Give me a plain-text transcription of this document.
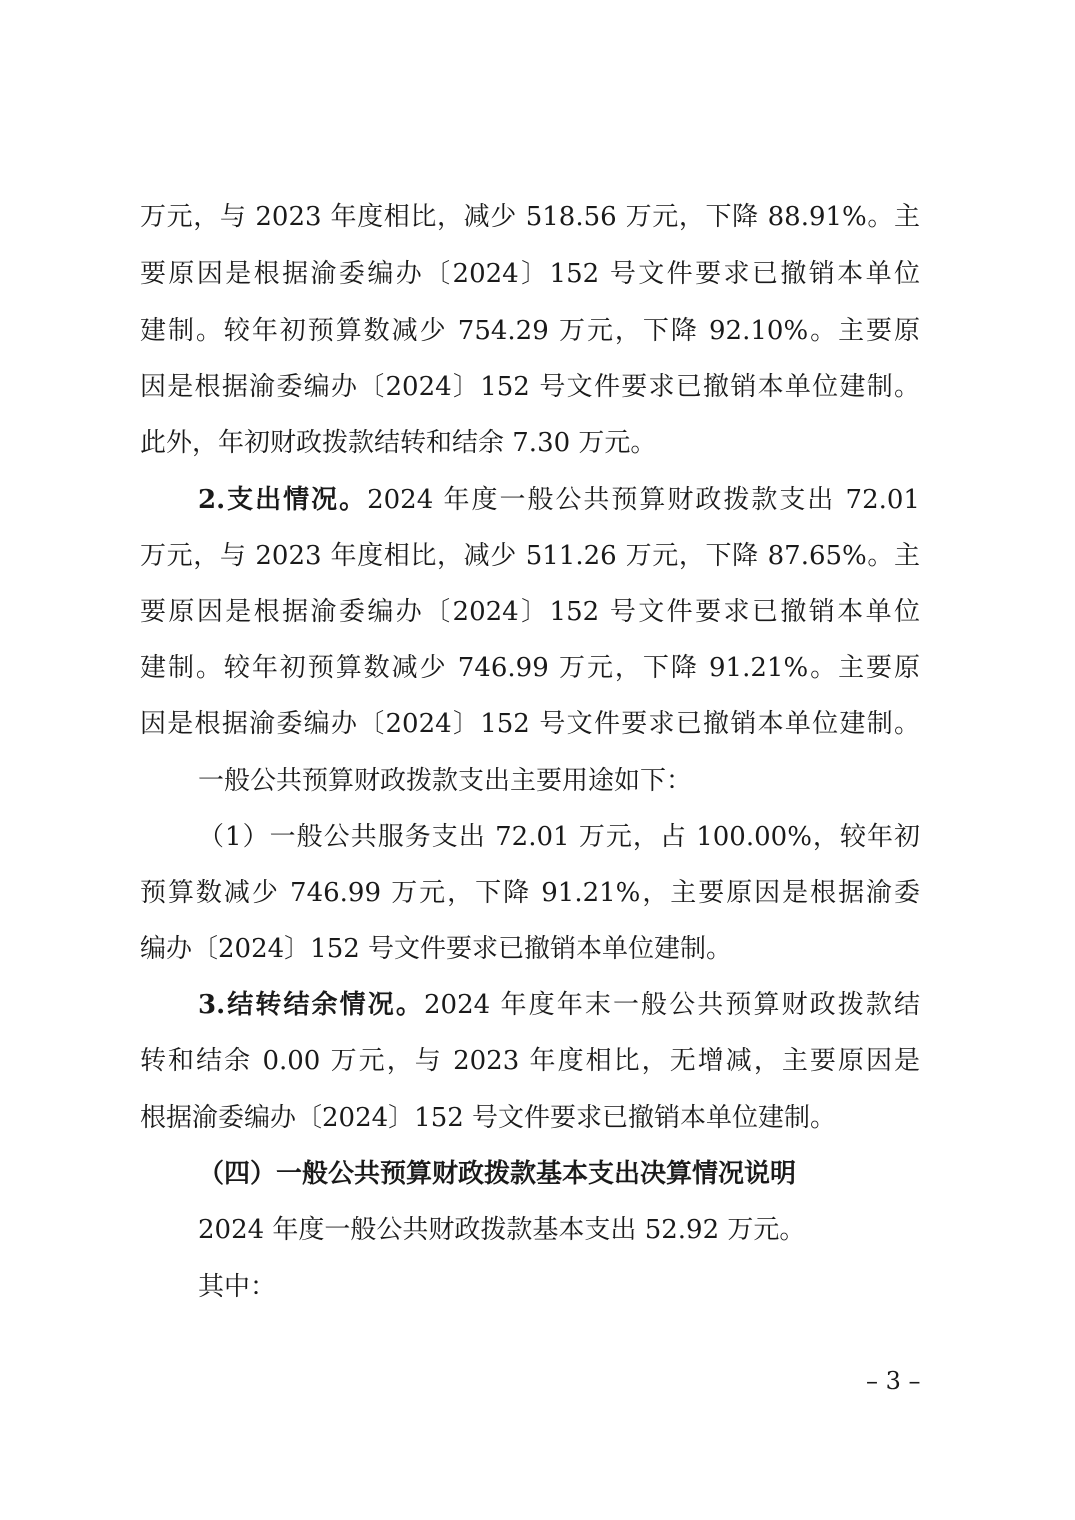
万元，与 2023 年度相比，减少 518.56 万元，下降 88.91%。主
要原因是根据渝委编办〔2024〕152 号文件要求已撤销本单位
建制。较年初预算数减少 754.29 万元，下降 92.10%。主要原
因是根据渝委编办〔2024〕152 号文件要求已撤销本单位建制。
此外，年初财政拨款结转和结余 7.30 万元。
2.支出情况。2024 年度一般公共预算财政拨款支出 72.01
万元，与 2023 年度相比，减少 511.26 万元，下降 87.65%。主
要原因是根据渝委编办〔2024〕152 号文件要求已撤销本单位
建制。较年初预算数减少 746.99 万元，下降 91.21%。主要原
因是根据渝委编办〔2024〕152 号文件要求已撤销本单位建制。
一般公共预算财政拨款支出主要用途如下：
（1）一般公共服务支出 72.01 万元，占 100.00%，较年初
预算数减少 746.99 万元，下降 91.21%，主要原因是根据渝委
编办〔2024〕152 号文件要求已撤销本单位建制。
3.结转结余情况。2024 年度年末一般公共预算财政拨款结
转和结余 0.00 万元，与 2023 年度相比，无增减，主要原因是
根据渝委编办〔2024〕152 号文件要求已撤销本单位建制。
（四）一般公共预算财政拨款基本支出决算情况说明
2024 年度一般公共财政拨款基本支出 52.92 万元。
其中：
– 3 –
